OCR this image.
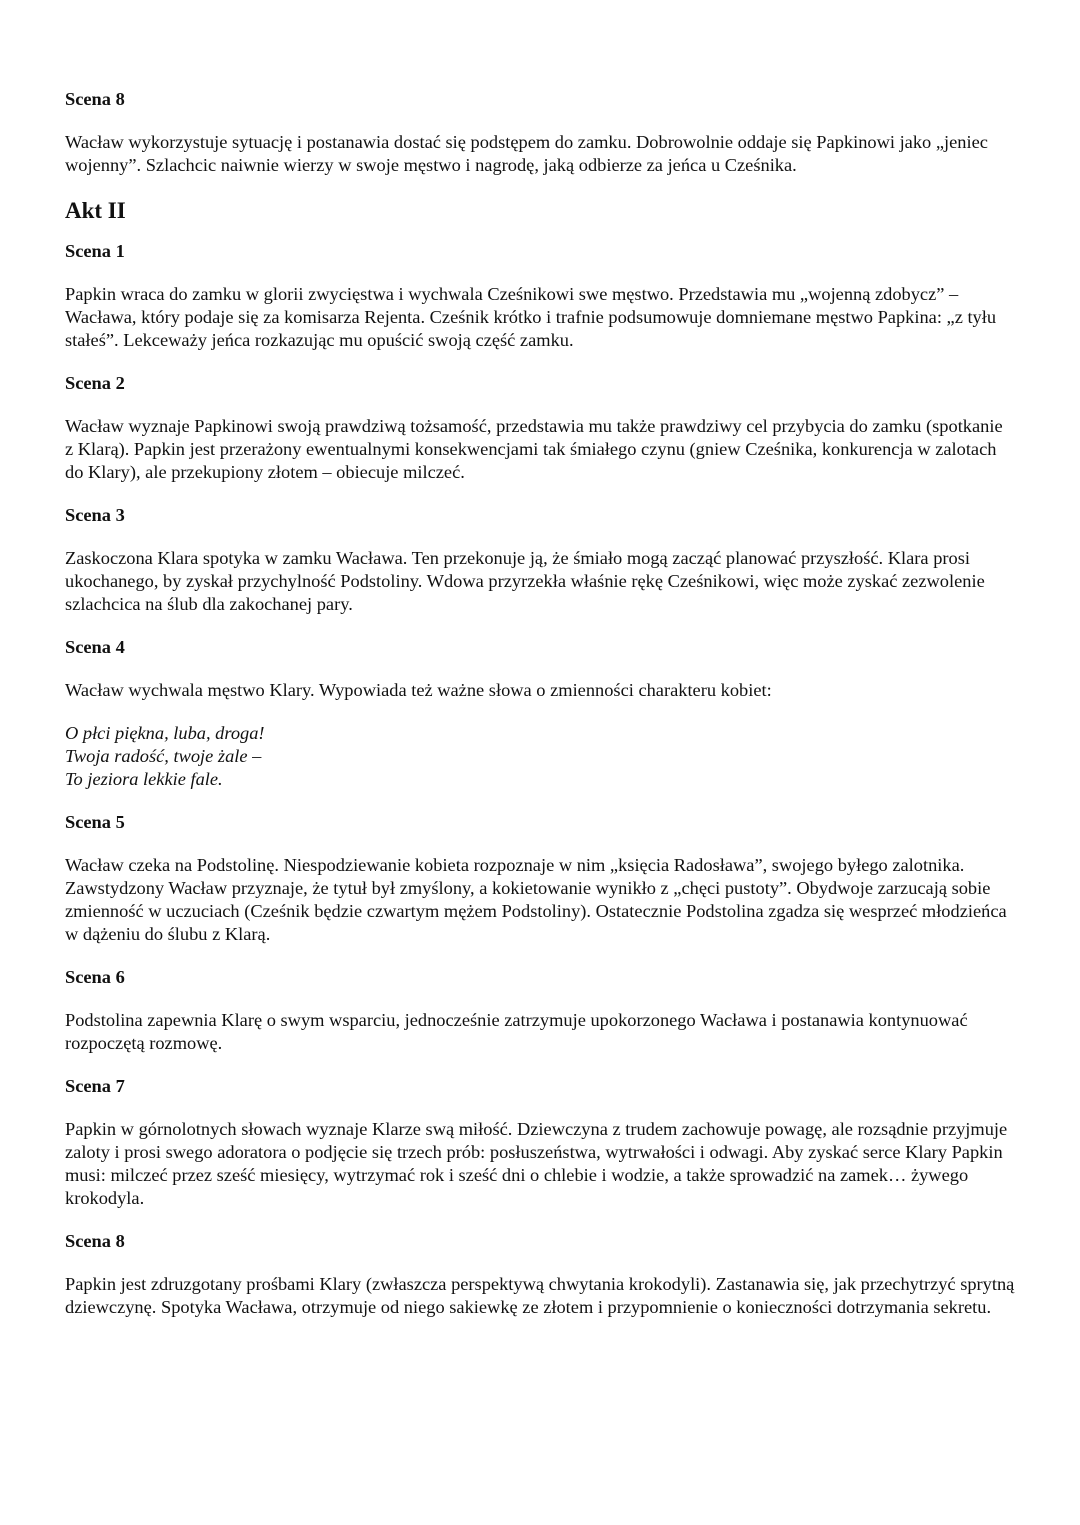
Scena 8

Wacław wykorzystuje sytuację i postanawia dostać się podstępem do zamku. Dobrowolnie oddaje się Papkinowi jako „jeniec wojenny”. Szlachcic naiwnie wierzy w swoje męstwo i nagrodę, jaką odbierze za jeńca u Cześnika.

Akt II
Scena 1

Papkin wraca do zamku w glorii zwycięstwa i wychwala Cześnikowi swe męstwo. Przedstawia mu „wojenną zdobycz” – Wacława, który podaje się za komisarza Rejenta. Cześnik krótko i trafnie podsumowuje domniemane męstwo Papkina: „z tyłu stałeś”. Lekceważy jeńca rozkazując mu opuścić swoją część zamku.

Scena 2

Wacław wyznaje Papkinowi swoją prawdziwą tożsamość, przedstawia mu także prawdziwy cel przybycia do zamku (spotkanie z Klarą). Papkin jest przerażony ewentualnymi konsekwencjami tak śmiałego czynu (gniew Cześnika, konkurencja w zalotach do Klary), ale przekupiony złotem – obiecuje milczeć.

Scena 3

Zaskoczona Klara spotyka w zamku Wacława. Ten przekonuje ją, że śmiało mogą zacząć planować przyszłość. Klara prosi ukochanego, by zyskał przychylność Podstoliny. Wdowa przyrzekła właśnie rękę Cześnikowi, więc może zyskać zezwolenie szlachcica na ślub dla zakochanej pary.

Scena 4

Wacław wychwala męstwo Klary. Wypowiada też ważne słowa o zmienności charakteru kobiet:

O płci piękna, luba, droga!
Twoja radość, twoje żale –
To jeziora lekkie fale.
Scena 5

Wacław czeka na Podstolinę. Niespodziewanie kobieta rozpoznaje w nim „księcia Radosława”, swojego byłego zalotnika. Zawstydzony Wacław przyznaje, że tytuł był zmyślony, a kokietowanie wynikło z „chęci pustoty”. Obydwoje zarzucają sobie zmienność w uczuciach (Cześnik będzie czwartym mężem Podstoliny). Ostatecznie Podstolina zgadza się wesprzeć młodzieńca w dążeniu do ślubu z Klarą.

Scena 6

Podstolina zapewnia Klarę o swym wsparciu, jednocześnie zatrzymuje upokorzonego Wacława i postanawia kontynuować rozpoczętą rozmowę.

Scena 7

Papkin w górnolotnych słowach wyznaje Klarze swą miłość. Dziewczyna z trudem zachowuje powagę, ale rozsądnie przyjmuje zaloty i prosi swego adoratora o podjęcie się trzech prób: posłuszeństwa, wytrwałości i odwagi. Aby zyskać serce Klary Papkin musi: milczeć przez sześć miesięcy, wytrzymać rok i sześć dni o chlebie i wodzie, a także sprowadzić na zamek… żywego krokodyla.

Scena 8

Papkin jest zdruzgotany prośbami Klary (zwłaszcza perspektywą chwytania krokodyli). Zastanawia się, jak przechytrzyć sprytną dziewczynę. Spotyka Wacława, otrzymuje od niego sakiewkę ze złotem i przypomnienie o konieczności dotrzymania sekretu.
